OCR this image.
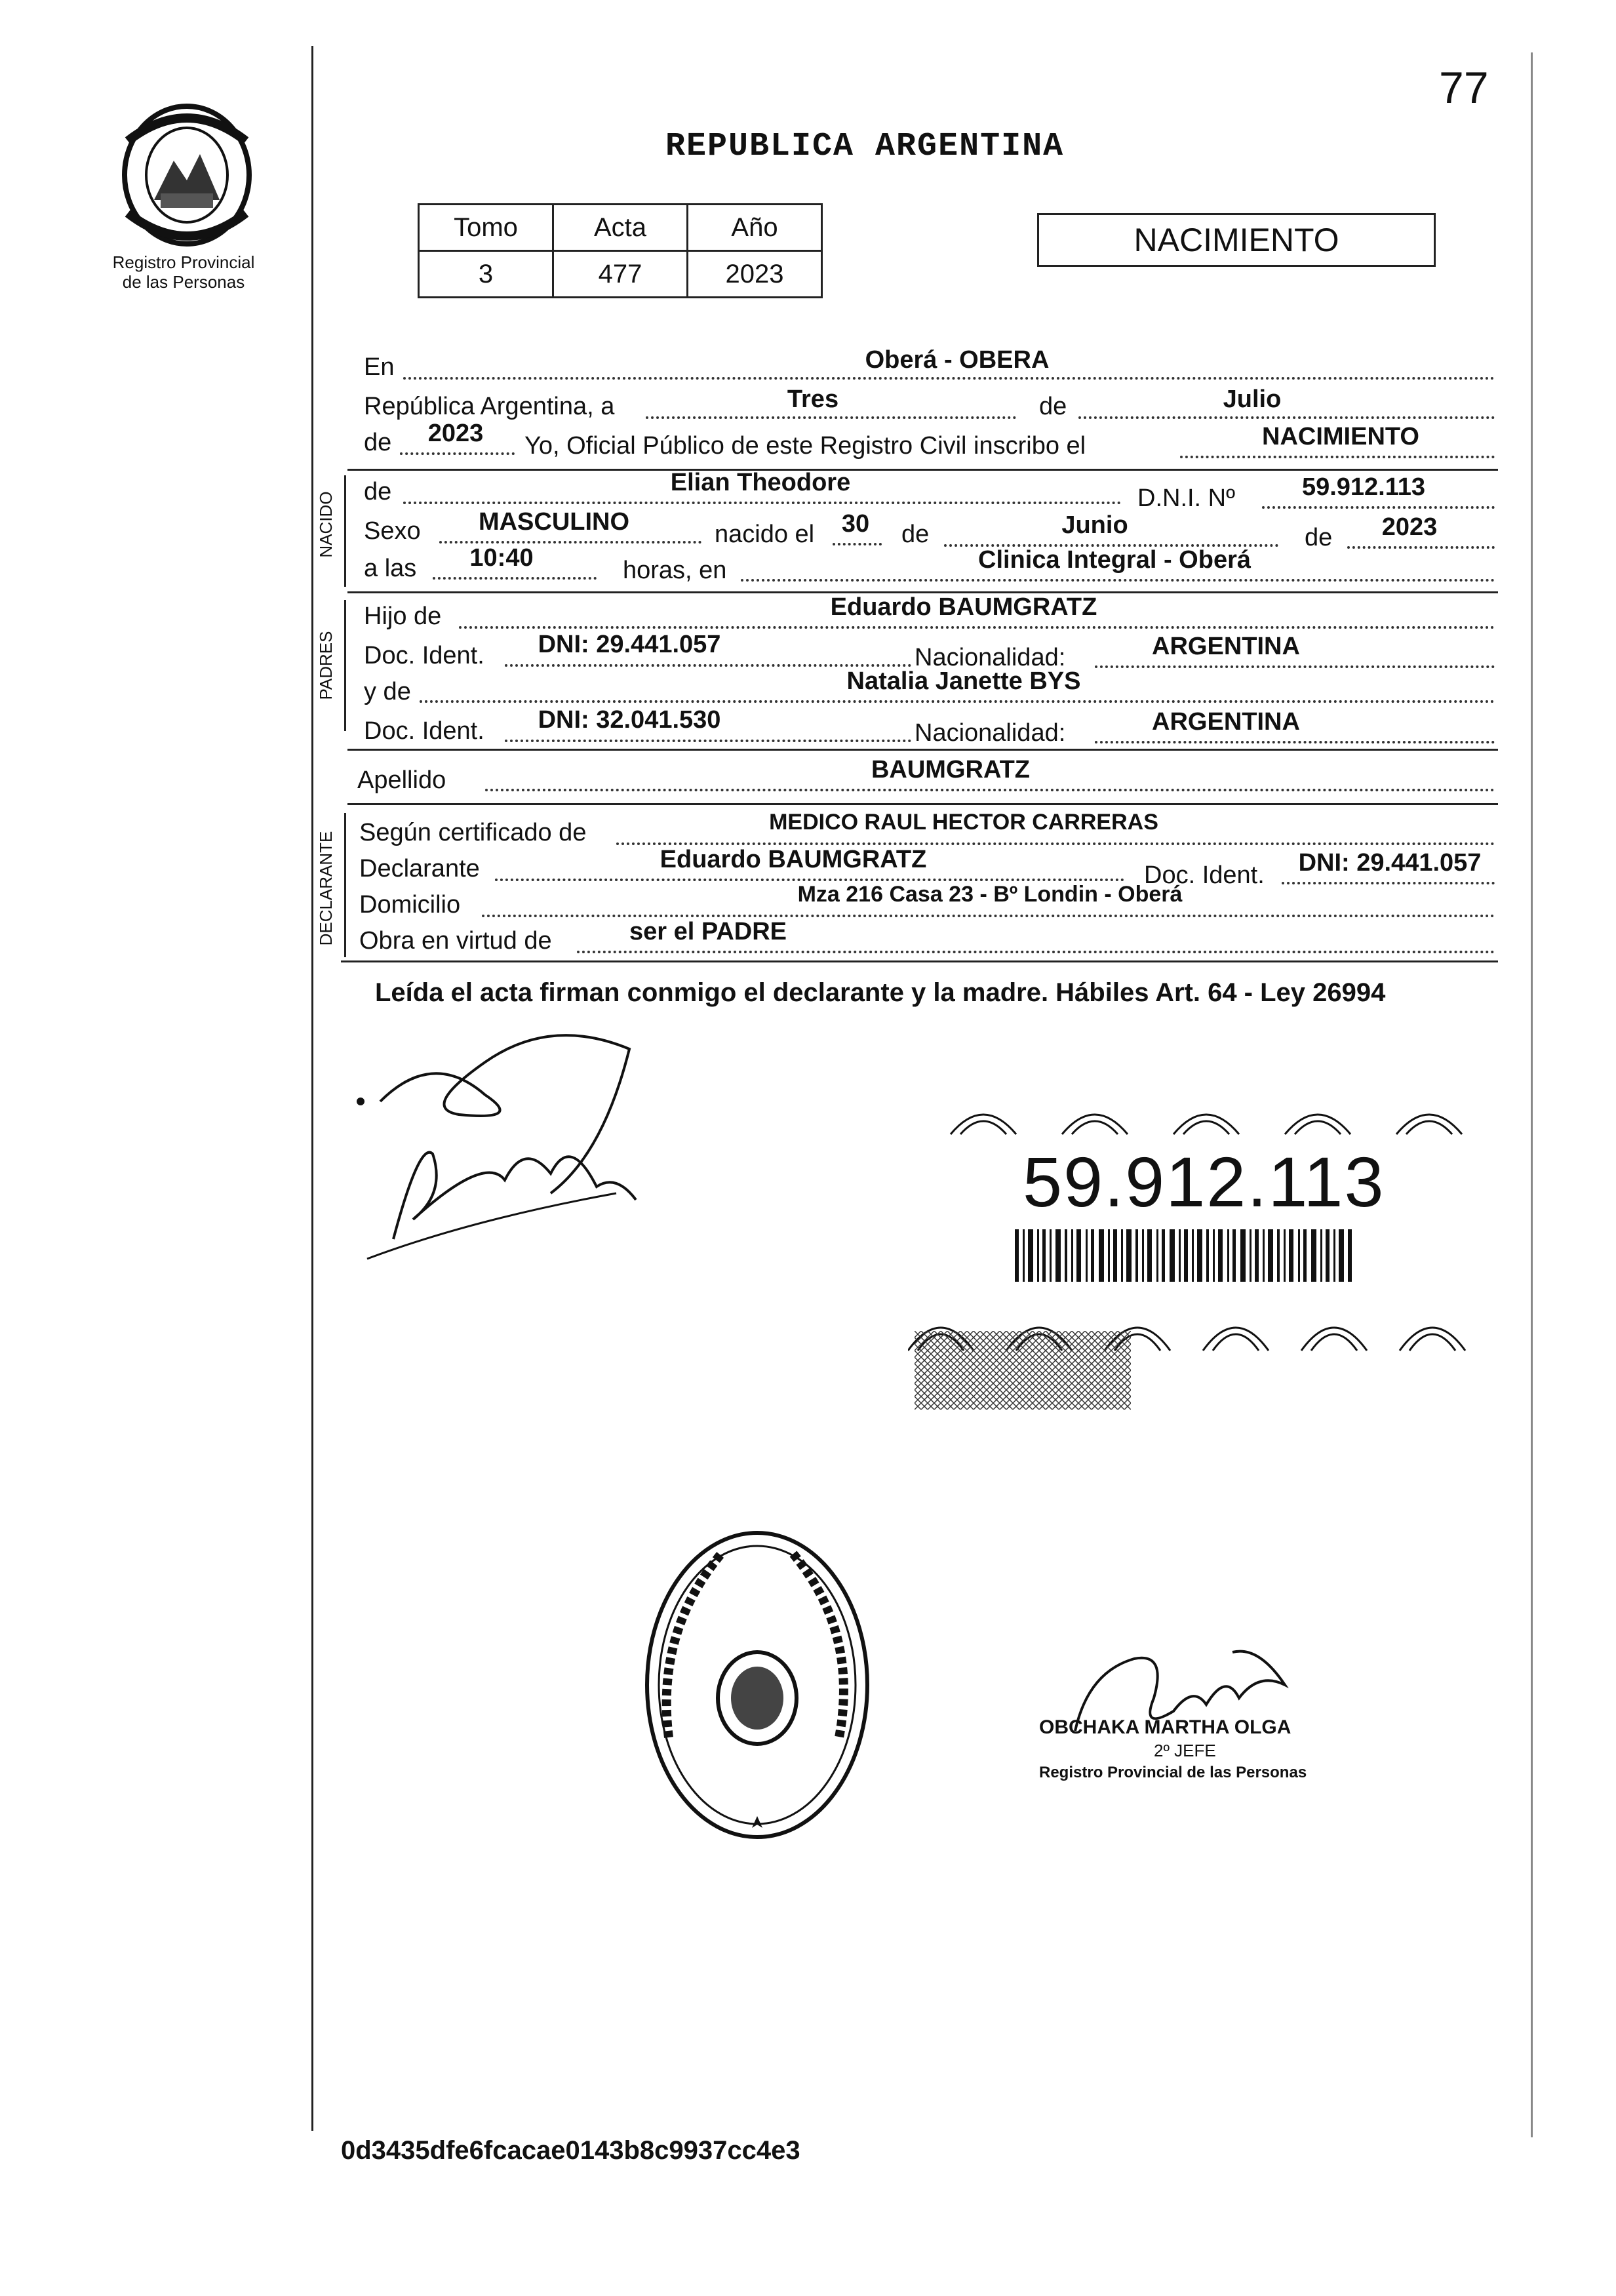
77
Registro Provincial
de las Personas
REPUBLICA ARGENTINA
Tomo	Acta	Año
3	477	2023
NACIMIENTO
En	Oberá - OBERA
República Argentina, a	Tres	de	Julio
de	2023	Yo, Oficial Público de este Registro Civil inscribo el	NACIMIENTO
NACIDO de	Elian Theodore
D.N.I. Nº	59.912.113
Sexo	MASCULINO	nacido el	30	de	Junio	de	2023
a las	10:40	horas, en	Clinica Integral - Oberá
PADRES
Hijo de	Eduardo BAUMGRATZ
Doc. Ident.	DNI: 29.441.057	Nacionalidad:	ARGENTINA
y de	Natalia Janette BYS
Doc. Ident.	DNI: 32.041.530	Nacionalidad:	ARGENTINA
Apellido	BAUMGRATZ
DECLARANTE Según certificado de	MEDICO RAUL HECTOR CARRERAS
Declarante	Eduardo BAUMGRATZ
Doc. Ident.	DNI: 29.441.057
Domicilio	Mza 216 Casa 23 - Bº Londin - Oberá
Obra en virtud de	ser el PADRE
Leída el acta firman conmigo el declarante y la madre. Hábiles Art. 64 - Ley 26994
59.912.113
OBCHAKA MARTHA OLGA
2º JEFE
Registro Provincial de las Personas
0d3435dfe6fcacae0143b8c9937cc4e3
